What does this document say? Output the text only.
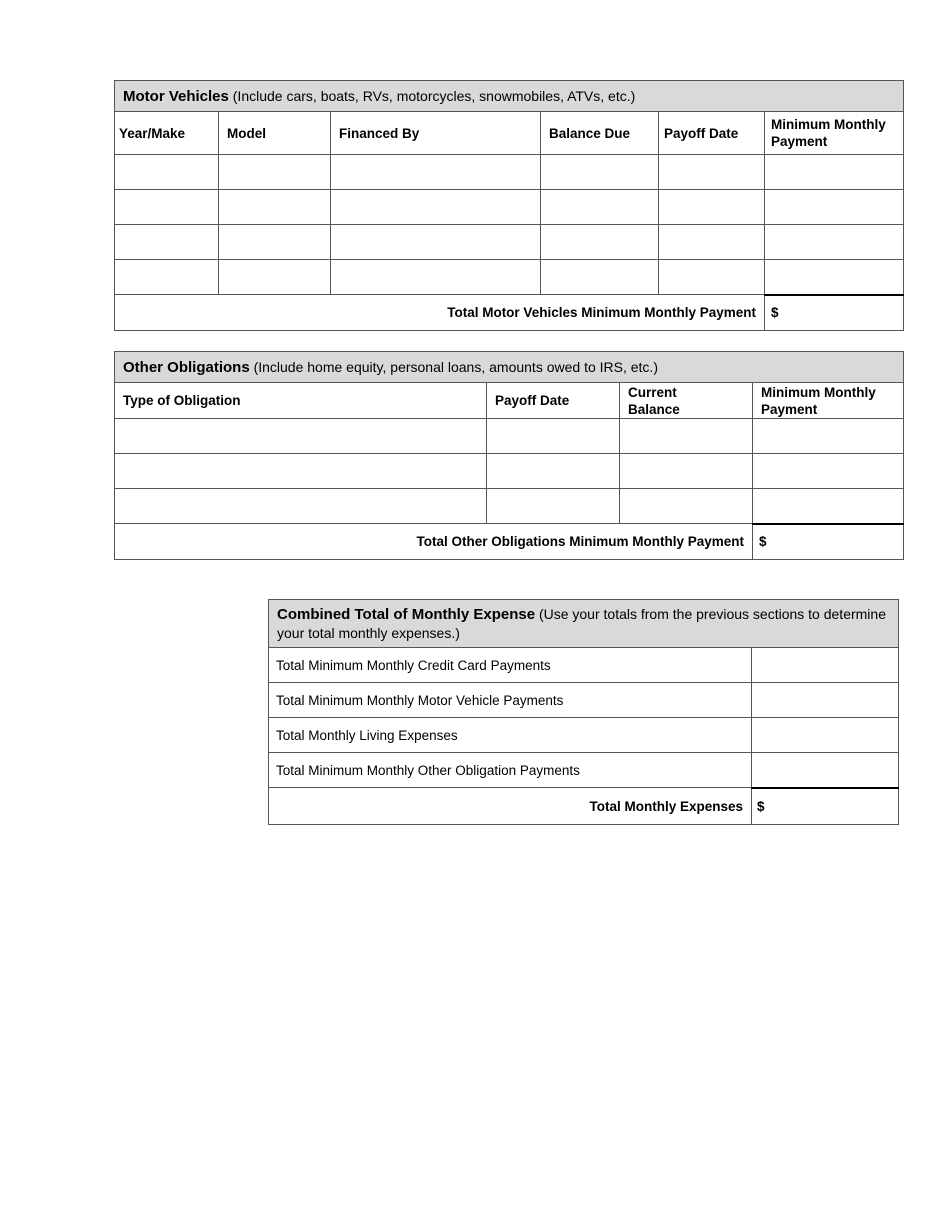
Motor Vehicles (Include cars, boats, RVs, motorcycles, snowmobiles, ATVs, etc.)					
Year/Make	Model	Financed By	Balance Due	Payoff Date	Minimum Monthly Payment

Total Motor Vehicles Minimum Monthly Payment					$
Other Obligations (Include home equity, personal loans, amounts owed to IRS, etc.)			
Type of Obligation	Payoff Date	Current Balance	Minimum Monthly Payment

Total Other Obligations Minimum Monthly Payment			$
Combined Total of Monthly Expense (Use your totals from the previous sections to determine your total monthly expenses.)	
Total Minimum Monthly Credit Card Payments	
Total Minimum Monthly Motor Vehicle Payments	
Total Monthly Living Expenses	
Total Minimum Monthly Other Obligation Payments	
Total Monthly Expenses	$
